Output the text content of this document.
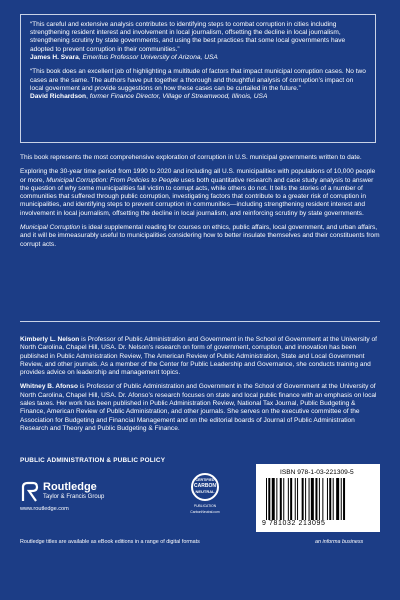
“This careful and extensive analysis contributes to identifying steps to combat corruption in cities including strengthening resident interest and involvement in local journalism, offsetting the decline in local journalism, strengthening scrutiny by state governments, and using the best practices that some local governments have adopted to prevent corruption in their communities.”

James H. Svara, Emeritus Professor University of Arizona, USA

“This book does an excellent job of highlighting a multitude of factors that impact municipal corruption cases. No two cases are the same. The authors have put together a thorough and thoughtful analysis of corruption’s impact on local government and provide suggestions on how these cases can be curtailed in the future.”

David Richardson, former Finance Director, Village of Streamwood, Illinois, USA

This book represents the most comprehensive exploration of corruption in U.S. municipal governments written to date.

Exploring the 30-year time period from 1990 to 2020 and including all U.S. municipalities with populations of 10,000 people or more, Municipal Corruption: From Policies to People uses both quantitative research and case study analysis to answer the question of why some municipalities fall victim to corrupt acts, while others do not. It tells the stories of a number of communities that suffered through public corruption, investigating factors that contribute to a greater risk of corruption in municipalities, and identifying steps to prevent corruption in communities—including strengthening resident interest and involvement in local journalism, offsetting the decline in local journalism, and reinforcing scrutiny by state governments.

Municipal Corruption is ideal supplemental reading for courses on ethics, public affairs, local government, and urban affairs, and it will be immeasurably useful to municipalities considering how to better insulate themselves and their constituents from corrupt acts.

Kimberly L. Nelson is Professor of Public Administration and Government in the School of Government at the University of North Carolina, Chapel Hill, USA. Dr. Nelson’s research on form of government, corruption, and innovation has been published in Public Administration Review, The American Review of Public Administration, State and Local Government Review, and other journals. As a member of the Center for Public Leadership and Governance, she conducts training and provides advice on leadership and management topics.

Whitney B. Afonso is Professor of Public Administration and Government in the School of Government at the University of North Carolina, Chapel Hill, USA. Dr. Afonso’s research focuses on state and local public finance with an emphasis on local sales taxes. Her work has been published in Public Administration Review, National Tax Journal, Public Budgeting & Finance, American Review of Public Administration, and other journals. She serves on the executive committee of the Association for Budgeting and Financial Management and on the editorial boards of Journal of Public Administration Research and Theory and Public Budgeting & Finance.

PUBLIC ADMINISTRATION & PUBLIC POLICY
Routledge
Taylor & Francis Group
www.routledge.com
CERTIFIED
CARBON
NEUTRAL
PUBLICATION
CarbonNeutral.com
ISBN 978-1-03-221309-5
9 781032 213095
Routledge titles are available as eBook editions in a range of digital formats	an informa business
